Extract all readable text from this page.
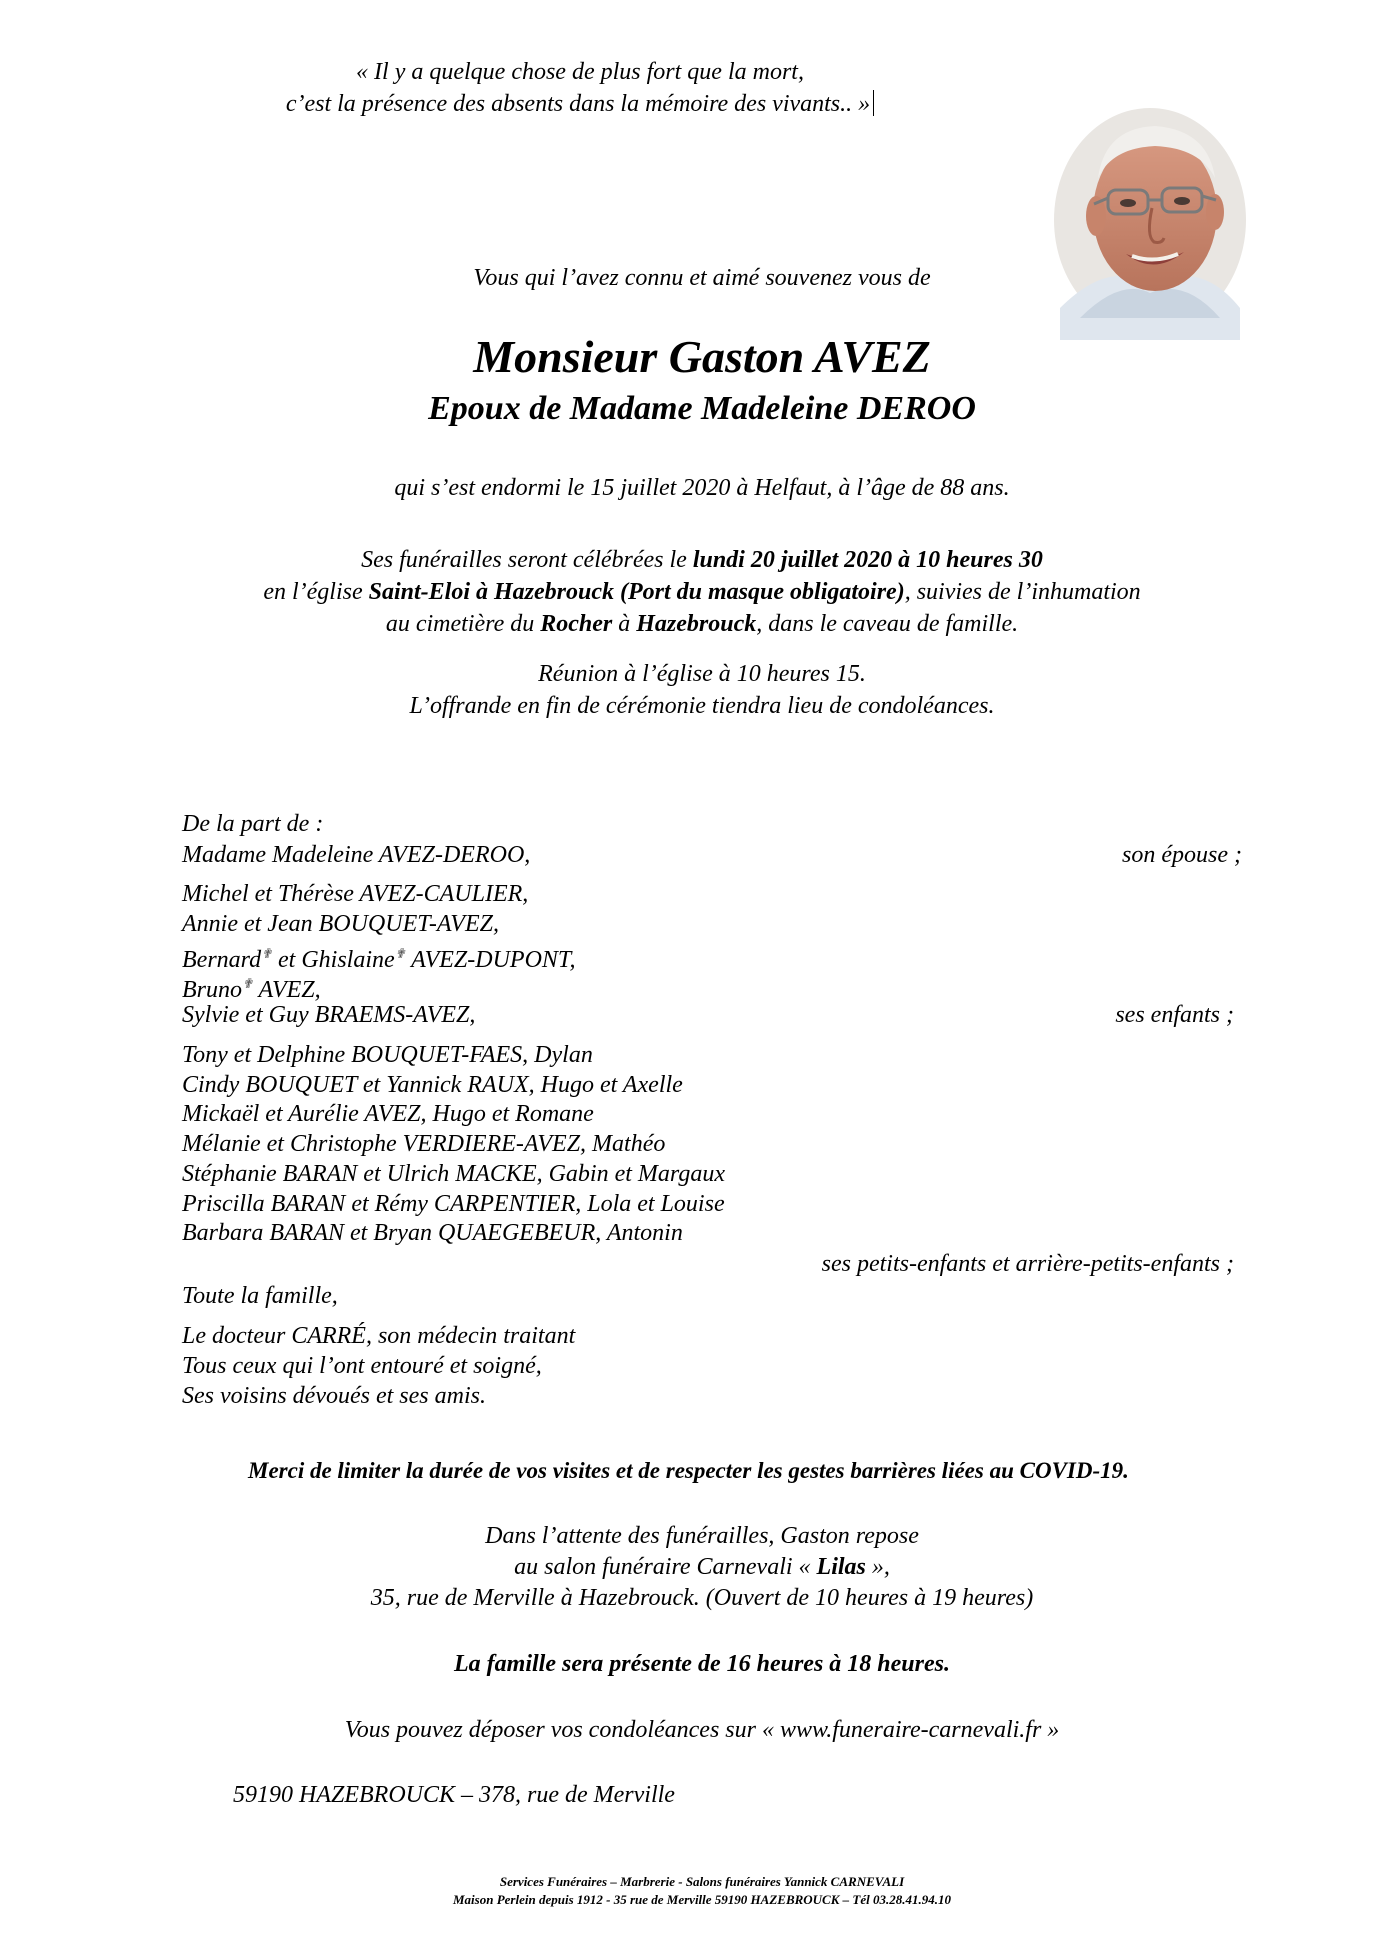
« Il y a quelque chose de plus fort que la mort,
c’est la présence des absents dans la mémoire des vivants.. »
Vous qui l’avez connu et aimé souvenez vous de
Monsieur Gaston AVEZ
Epoux de Madame Madeleine DEROO
qui s’est endormi le 15 juillet 2020 à Helfaut, à l’âge de 88 ans.
Ses funérailles seront célébrées le lundi 20 juillet 2020 à 10 heures 30
en l’église Saint-Eloi à Hazebrouck (Port du masque obligatoire), suivies de l’inhumation
au cimetière du Rocher à Hazebrouck, dans le caveau de famille.
Réunion à l’église à 10 heures 15.
L’offrande en fin de cérémonie tiendra lieu de condoléances.
De la part de :
Madame Madeleine AVEZ-DEROO,	son épouse ;
Michel et Thérèse AVEZ-CAULIER,
Annie et Jean BOUQUET-AVEZ,
Bernard✟ et Ghislaine✟ AVEZ-DUPONT,
Bruno✟ AVEZ,
Sylvie et Guy BRAEMS-AVEZ,	ses enfants ;
Tony et Delphine BOUQUET-FAES, Dylan
Cindy BOUQUET et Yannick RAUX, Hugo et Axelle
Mickaël et Aurélie AVEZ, Hugo et Romane
Mélanie et Christophe VERDIERE-AVEZ, Mathéo
Stéphanie BARAN et Ulrich MACKE, Gabin et Margaux
Priscilla BARAN et Rémy CARPENTIER, Lola et Louise
Barbara BARAN et Bryan QUAEGEBEUR, Antonin
ses petits-enfants et arrière-petits-enfants ;
Toute la famille,
Le docteur CARRÉ, son médecin traitant
Tous ceux qui l’ont entouré et soigné,
Ses voisins dévoués et ses amis.
Merci de limiter la durée de vos visites et de respecter les gestes barrières liées au COVID-19.
Dans l’attente des funérailles, Gaston repose
au salon funéraire Carnevali « Lilas »,
35, rue de Merville à Hazebrouck. (Ouvert de 10 heures à 19 heures)
La famille sera présente de 16 heures à 18 heures.
Vous pouvez déposer vos condoléances sur « www.funeraire-carnevali.fr »
59190 HAZEBROUCK – 378, rue de Merville
Services Funéraires – Marbrerie - Salons funéraires Yannick CARNEVALI
Maison Perlein depuis 1912 - 35 rue de Merville 59190 HAZEBROUCK – Tél 03.28.41.94.10
